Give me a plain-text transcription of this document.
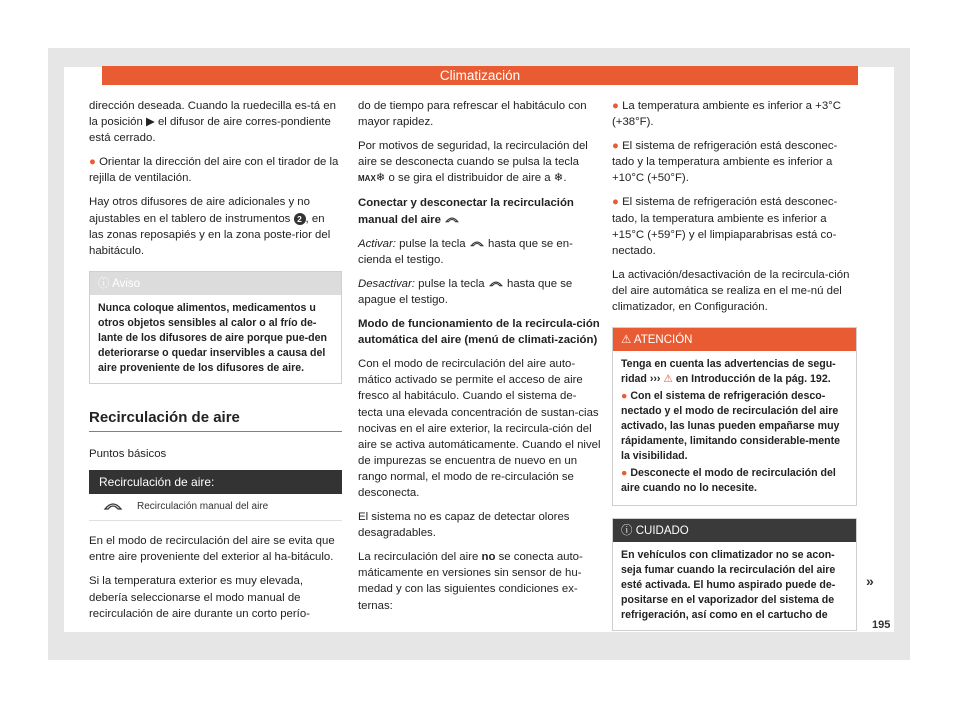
Climatización

dirección deseada. Cuando la ruedecilla es-tá en la posición ▶ el difusor de aire corres-pondiente está cerrado.

● Orientar la dirección del aire con el tirador de la rejilla de ventilación.

Hay otros difusores de aire adicionales y no ajustables en el tablero de instrumentos 2 , en las zonas reposapiés y en la zona poste-rior del habitáculo.

ⓘ Aviso
Nunca coloque alimentos, medicamentos u otros objetos sensibles al calor o al frío de-lante de los difusores de aire porque pue-den deteriorarse o quedar inservibles a causa del aire proveniente de los difusores de aire.
Recirculación de aire

Puntos básicos

Recirculación de aire:
Recirculación manual del aire

En el modo de recirculación del aire se evita que entre aire proveniente del exterior al ha-bitáculo.

Si la temperatura exterior es muy elevada, debería seleccionarse el modo manual de recirculación de aire durante un corto perío-

do de tiempo para refrescar el habitáculo con mayor rapidez.

Por motivos de seguridad, la recirculación del aire se desconecta cuando se pulsa la tecla MAX❄ o se gira el distribuidor de aire a ❄.

Conectar y desconectar la recirculación manual del aire

Activar: pulse la tecla hasta que se en-cienda el testigo.

Desactivar: pulse la tecla hasta que se apague el testigo.

Modo de funcionamiento de la recircula-ción automática del aire (menú de climati-zación)

Con el modo de recirculación del aire auto-mático activado se permite el acceso de aire fresco al habitáculo. Cuando el sistema de-tecta una elevada concentración de sustan-cias nocivas en el aire exterior, la recircula-ción del aire se activa automáticamente. Cuando el nivel de impurezas se encuentra de nuevo en un rango normal, el modo de re-circulación se desconecta.

El sistema no es capaz de detectar olores desagradables.

La recirculación del aire no se conecta auto-máticamente en versiones sin sensor de hu-medad y con las siguientes condiciones ex-ternas:

● La temperatura ambiente es inferior a +3°C (+38°F).

● El sistema de refrigeración está desconec-tado y la temperatura ambiente es inferior a +10°C (+50°F).

● El sistema de refrigeración está desconec-tado, la temperatura ambiente es inferior a +15°C (+59°F) y el limpiaparabrisas está co-nectado.

La activación/desactivación de la recircula-ción del aire automática se realiza en el me-nú del climatizador, en Configuración.

⚠ ATENCIÓN

Tenga en cuenta las advertencias de segu-ridad ››› ⚠ en Introducción de la pág. 192.

● Con el sistema de refrigeración desco-nectado y el modo de recirculación del aire activado, las lunas pueden empañarse muy rápidamente, limitando considerable-mente la visibilidad.

● Desconecte el modo de recirculación del aire cuando no lo necesite.

ⓘ CUIDADO
En vehículos con climatizador no se acon-seja fumar cuando la recirculación del aire esté activada. El humo aspirado puede de-positarse en el vaporizador del sistema de refrigeración, así como en el cartucho de
»
195
